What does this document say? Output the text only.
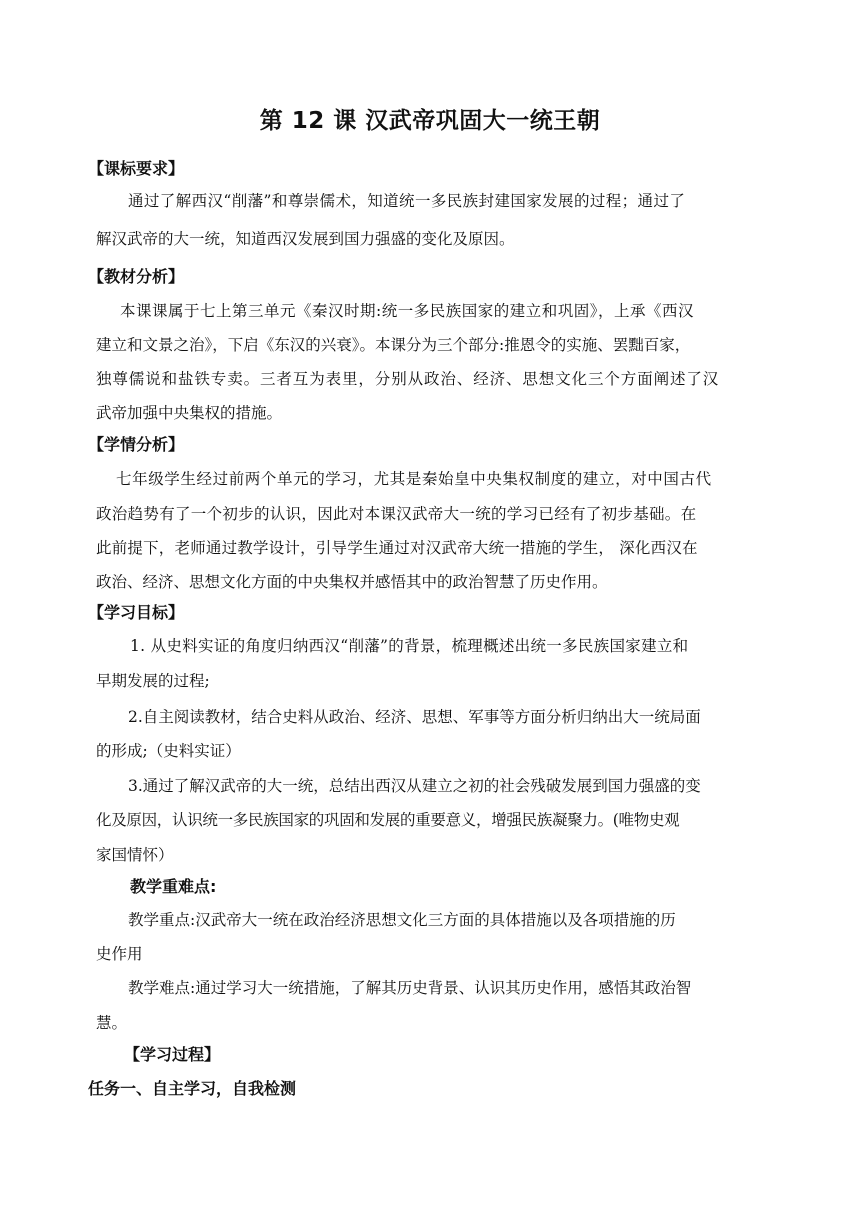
第 12 课 汉武帝巩固大一统王朝
【课标要求】
通过了解西汉“削藩”和尊崇儒术，知道统一多民族封建国家发展的过程；通过了
解汉武帝的大一统，知道西汉发展到国力强盛的变化及原因。
【教材分析】
本课课属于七上第三单元《秦汉时期:统一多民族国家的建立和巩固》，上承《西汉
建立和文景之治》，下启《东汉的兴衰》。本课分为三个部分:推恩令的实施、罢黜百家，
独尊儒说和盐铁专卖。三者互为表里，分别从政治、经济、思想文化三个方面阐述了汉
武帝加强中央集权的措施。
【学情分析】
七年级学生经过前两个单元的学习，尤其是秦始皇中央集权制度的建立，对中国古代
政治趋势有了一个初步的认识，因此对本课汉武帝大一统的学习已经有了初步基础。在
此前提下，老师通过教学设计，引导学生通过对汉武帝大统一措施的学生， 深化西汉在
政治、经济、思想文化方面的中央集权并感悟其中的政治智慧了历史作用。
【学习目标】
1. 从史料实证的角度归纳西汉“削藩”的背景，梳理概述出统一多民族国家建立和
早期发展的过程;
2.自主阅读教材，结合史料从政治、经济、思想、军事等方面分析归纳出大一统局面
的形成;（史料实证）
3.通过了解汉武帝的大一统，总结出西汉从建立之初的社会残破发展到国力强盛的变
化及原因，认识统一多民族国家的巩固和发展的重要意义，增强民族凝聚力。(唯物史观
家国情怀）
教学重难点:
教学重点:汉武帝大一统在政治经济思想文化三方面的具体措施以及各项措施的历
史作用
教学难点:通过学习大一统措施，了解其历史背景、认识其历史作用，感悟其政治智
慧。
【学习过程】
任务一、自主学习，自我检测
